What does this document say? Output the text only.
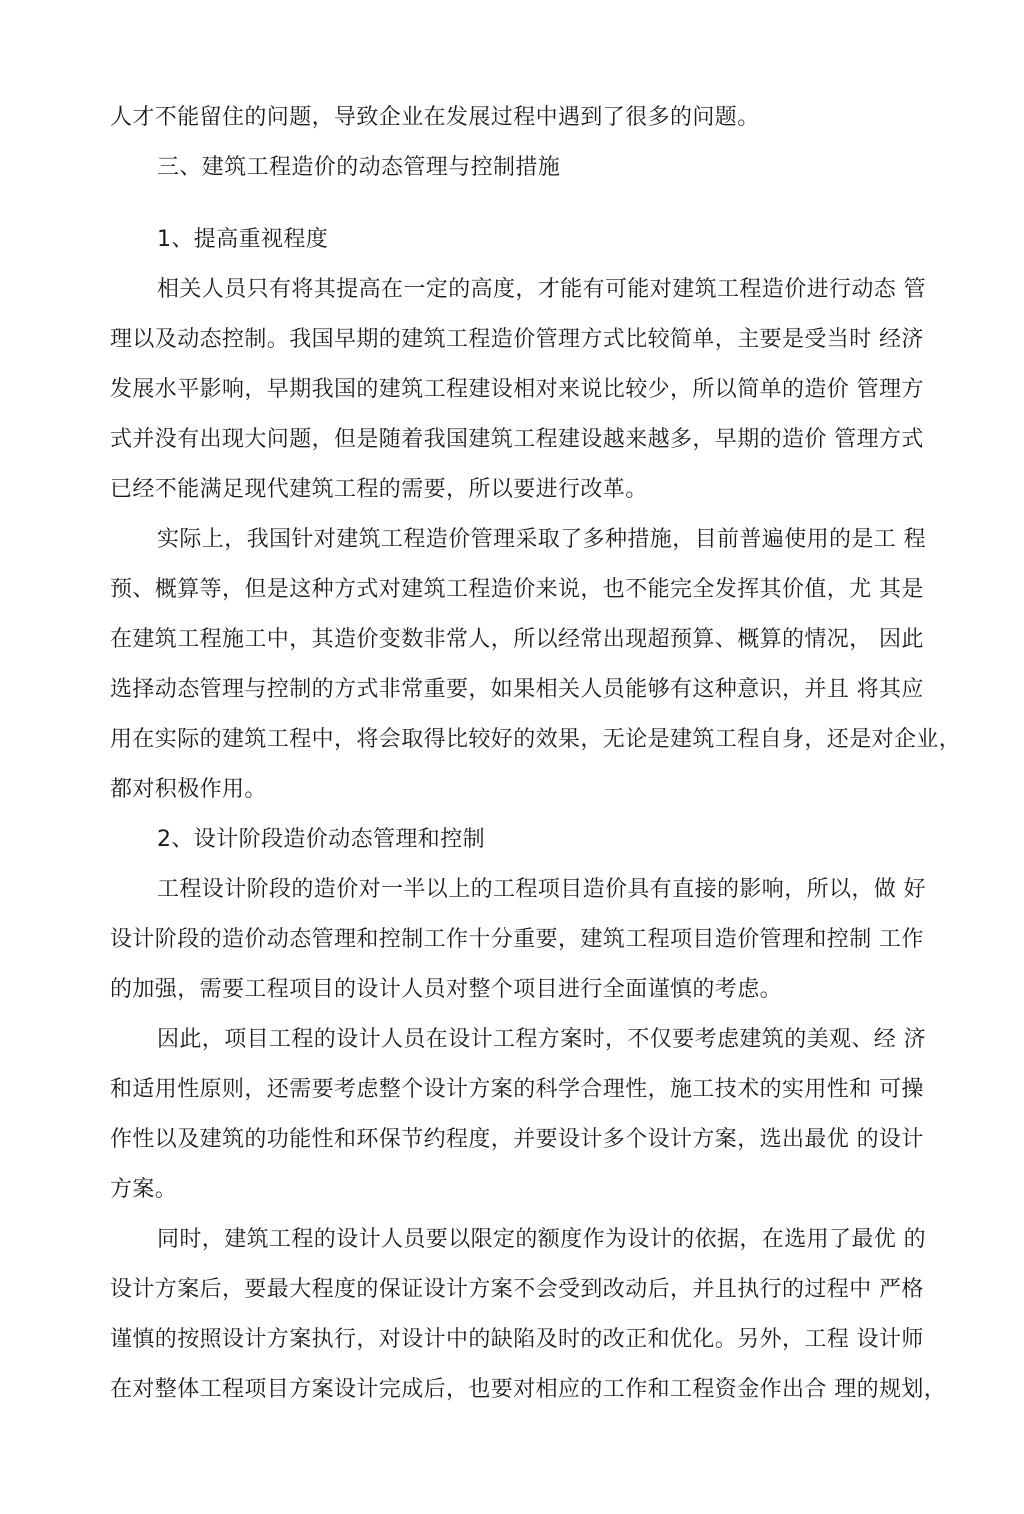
人才不能留住的问题，导致企业在发展过程中遇到了很多的问题。
三、建筑工程造价的动态管理与控制措施
1、提高重视程度
相关人员只有将其提高在一定的高度，才能有可能对建筑工程造价进行动态 管
理以及动态控制。我国早期的建筑工程造价管理方式比较简单，主要是受当时 经济
发展水平影响，早期我国的建筑工程建设相对来说比较少，所以简单的造价 管理方
式并没有出现大问题，但是随着我国建筑工程建设越来越多，早期的造价 管理方式
已经不能满足现代建筑工程的需要，所以要进行改革。
实际上，我国针对建筑工程造价管理采取了多种措施，目前普遍使用的是工 程
预、概算等，但是这种方式对建筑工程造价来说，也不能完全发挥其价值，尤 其是
在建筑工程施工中，其造价变数非常人，所以经常出现超预算、概算的情况， 因此
选择动态管理与控制的方式非常重要，如果相关人员能够有这种意识，并且 将其应
用在实际的建筑工程中，将会取得比较好的效果，无论是建筑工程自身，还是对企业，
都对积极作用。
2、设计阶段造价动态管理和控制
工程设计阶段的造价对一半以上的工程项目造价具有直接的影响，所以，做 好
设计阶段的造价动态管理和控制工作十分重要，建筑工程项目造价管理和控制 工作
的加强，需要工程项目的设计人员对整个项目进行全面谨慎的考虑。
因此，项目工程的设计人员在设计工程方案时，不仅要考虑建筑的美观、经 济
和适用性原则，还需要考虑整个设计方案的科学合理性，施工技术的实用性和 可操
作性以及建筑的功能性和环保节约程度，并要设计多个设计方案，选出最优 的设计
方案。
同时，建筑工程的设计人员要以限定的额度作为设计的依据，在选用了最优 的
设计方案后，要最大程度的保证设计方案不会受到改动后，并且执行的过程中 严格
谨慎的按照设计方案执行，对设计中的缺陷及时的改正和优化。另外，工程 设计师
在对整体工程项目方案设计完成后，也要对相应的工作和工程资金作出合 理的规划，
